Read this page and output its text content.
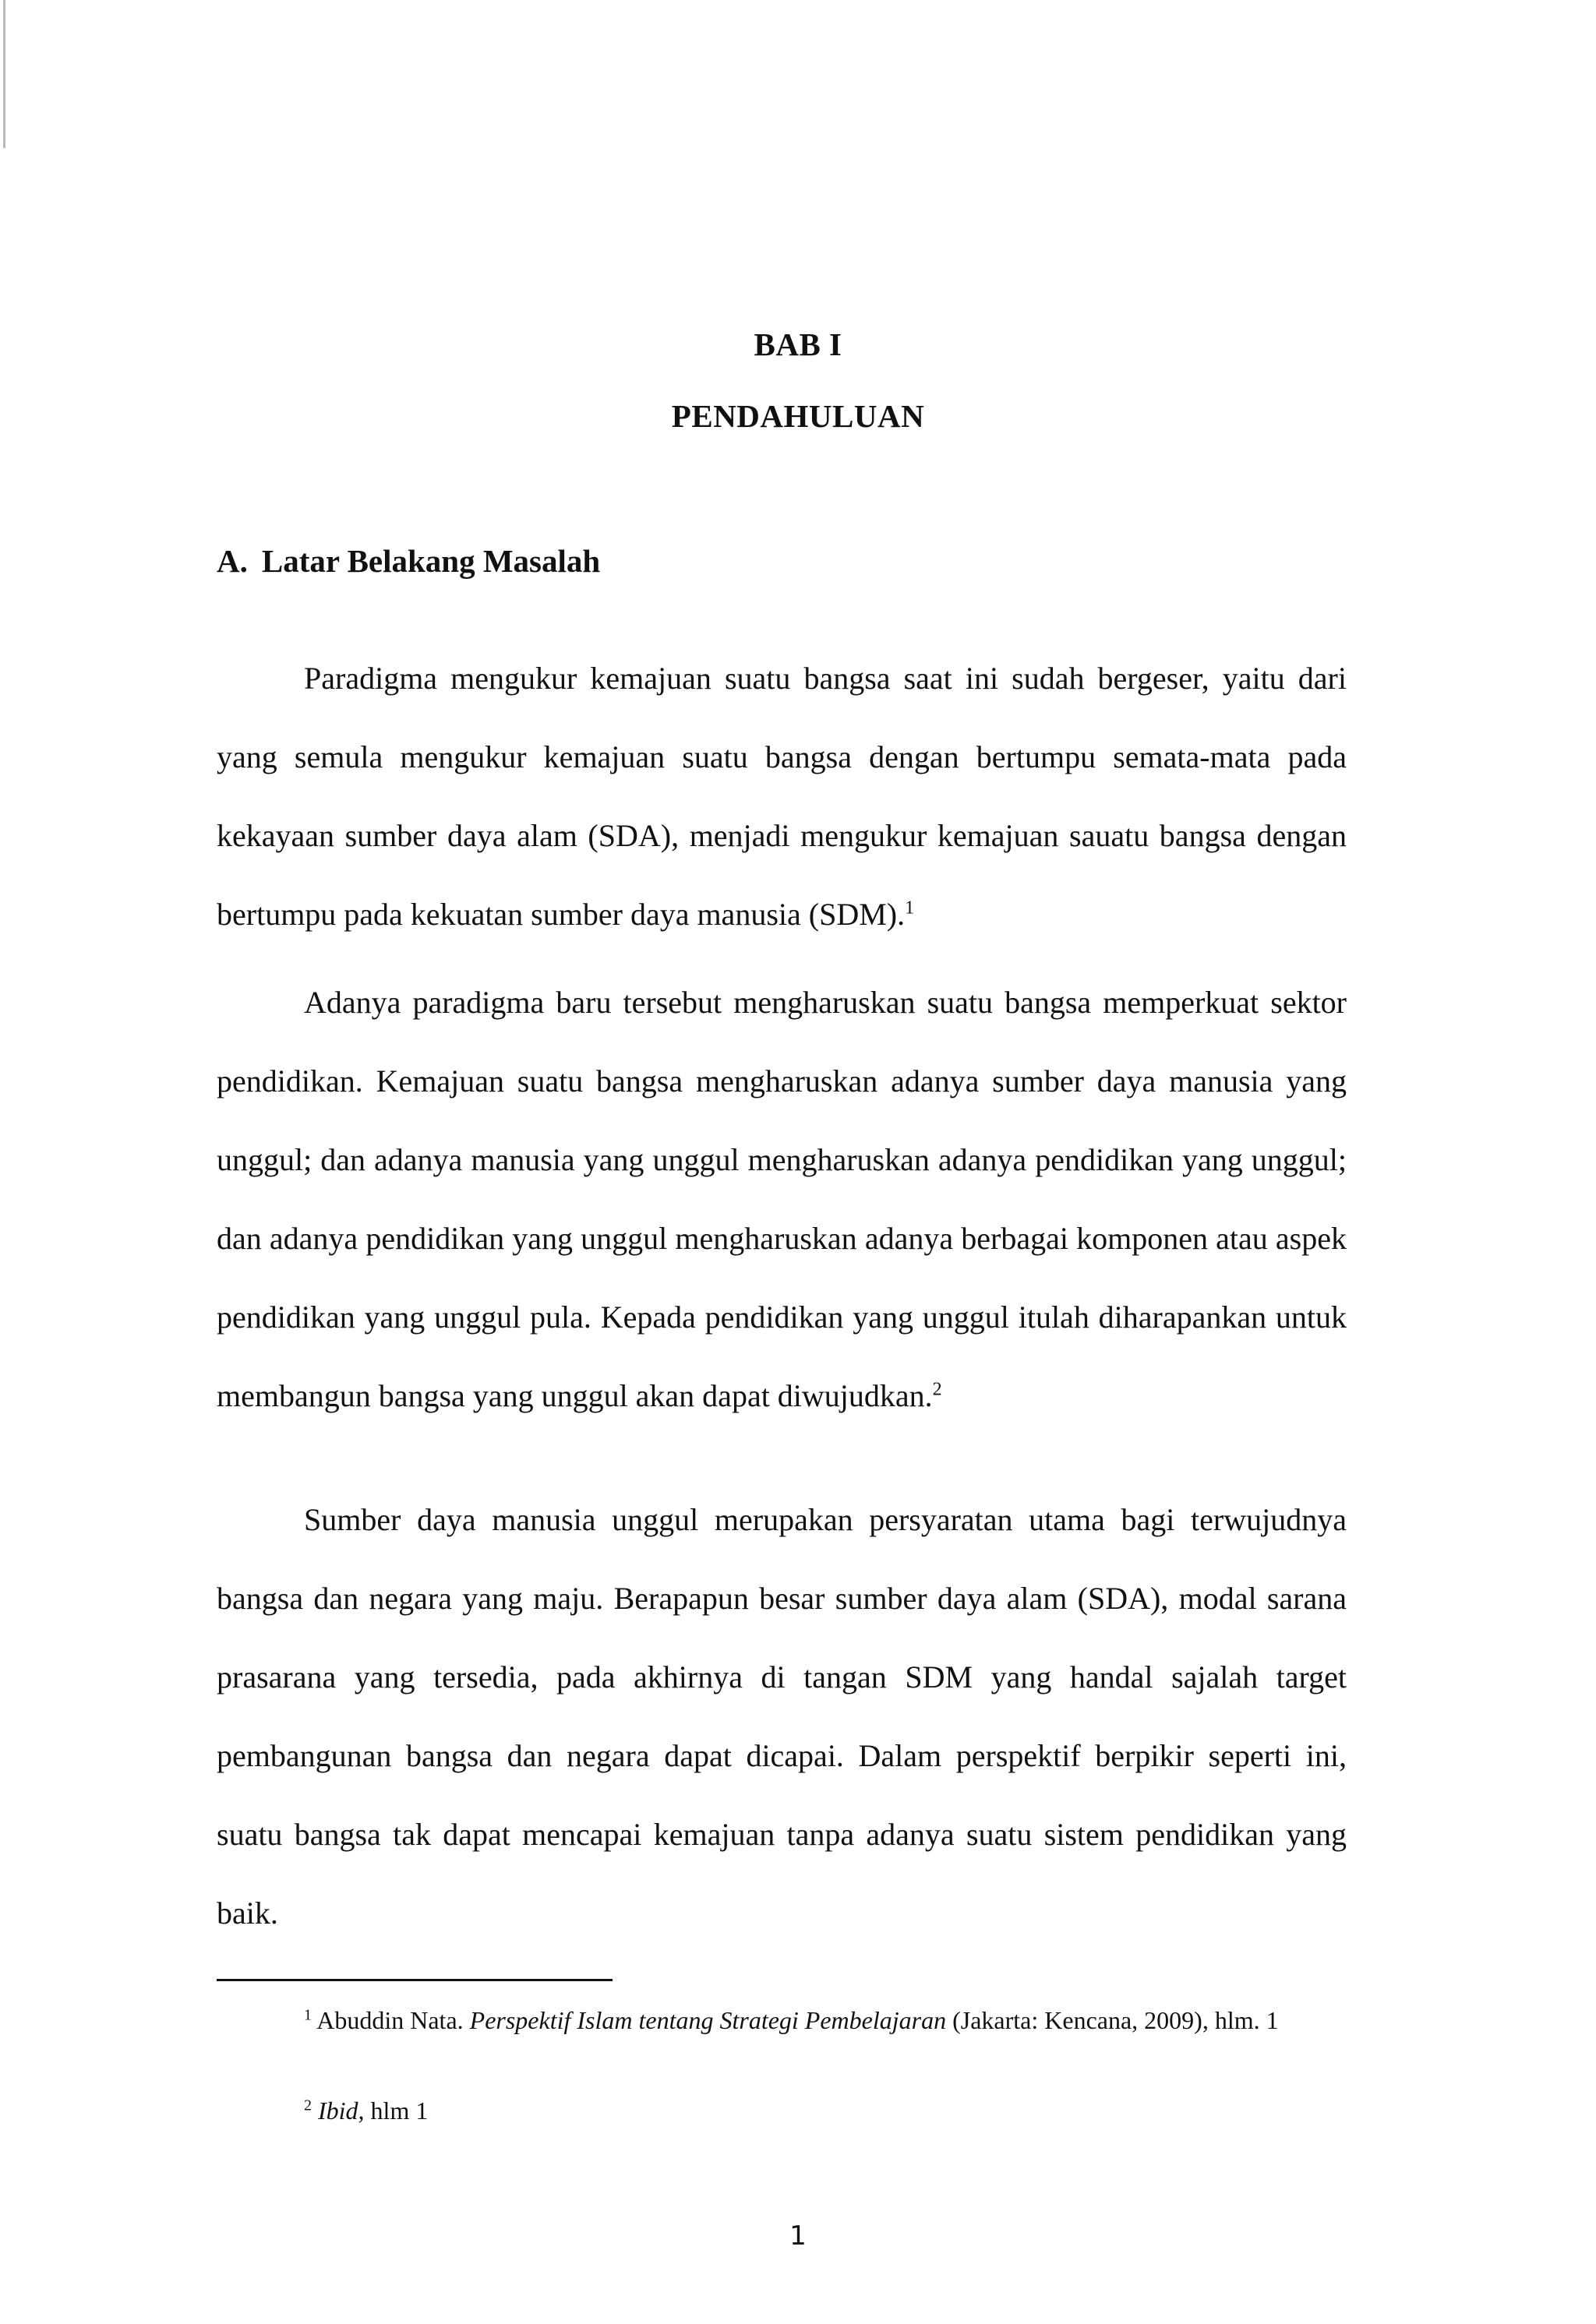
BAB I
PENDAHULUAN
A. Latar Belakang Masalah
Paradigma mengukur kemajuan suatu bangsa saat ini sudah bergeser, yaitu dari yang semula mengukur kemajuan suatu bangsa dengan bertumpu semata-mata pada kekayaan sumber daya alam (SDA), menjadi mengukur kemajuan sauatu bangsa dengan bertumpu pada kekuatan sumber daya manusia (SDM).$^1$
Adanya paradigma baru tersebut mengharuskan suatu bangsa memperkuat sektor pendidikan. Kemajuan suatu bangsa mengharuskan adanya sumber daya manusia yang unggul; dan adanya manusia yang unggul mengharuskan adanya pendidikan yang unggul; dan adanya pendidikan yang unggul mengharuskan adanya berbagai komponen atau aspek pendidikan yang unggul pula. Kepada pendidikan yang unggul itulah diharapankan untuk membangun bangsa yang unggul akan dapat diwujudkan.$^2$
Sumber daya manusia unggul merupakan persyaratan utama bagi terwujudnya bangsa dan negara yang maju. Berapapun besar sumber daya alam (SDA), modal sarana prasarana yang tersedia, pada akhirnya di tangan SDM yang handal sajalah target pembangunan bangsa dan negara dapat dicapai. Dalam perspektif berpikir seperti ini, suatu bangsa tak dapat mencapai kemajuan tanpa adanya suatu sistem pendidikan yang baik.
$^1$ Abuddin Nata. Perspektif Islam tentang Strategi Pembelajaran (Jakarta: Kencana, 2009), hlm. 1
$^2$ Ibid, hlm 1
1
